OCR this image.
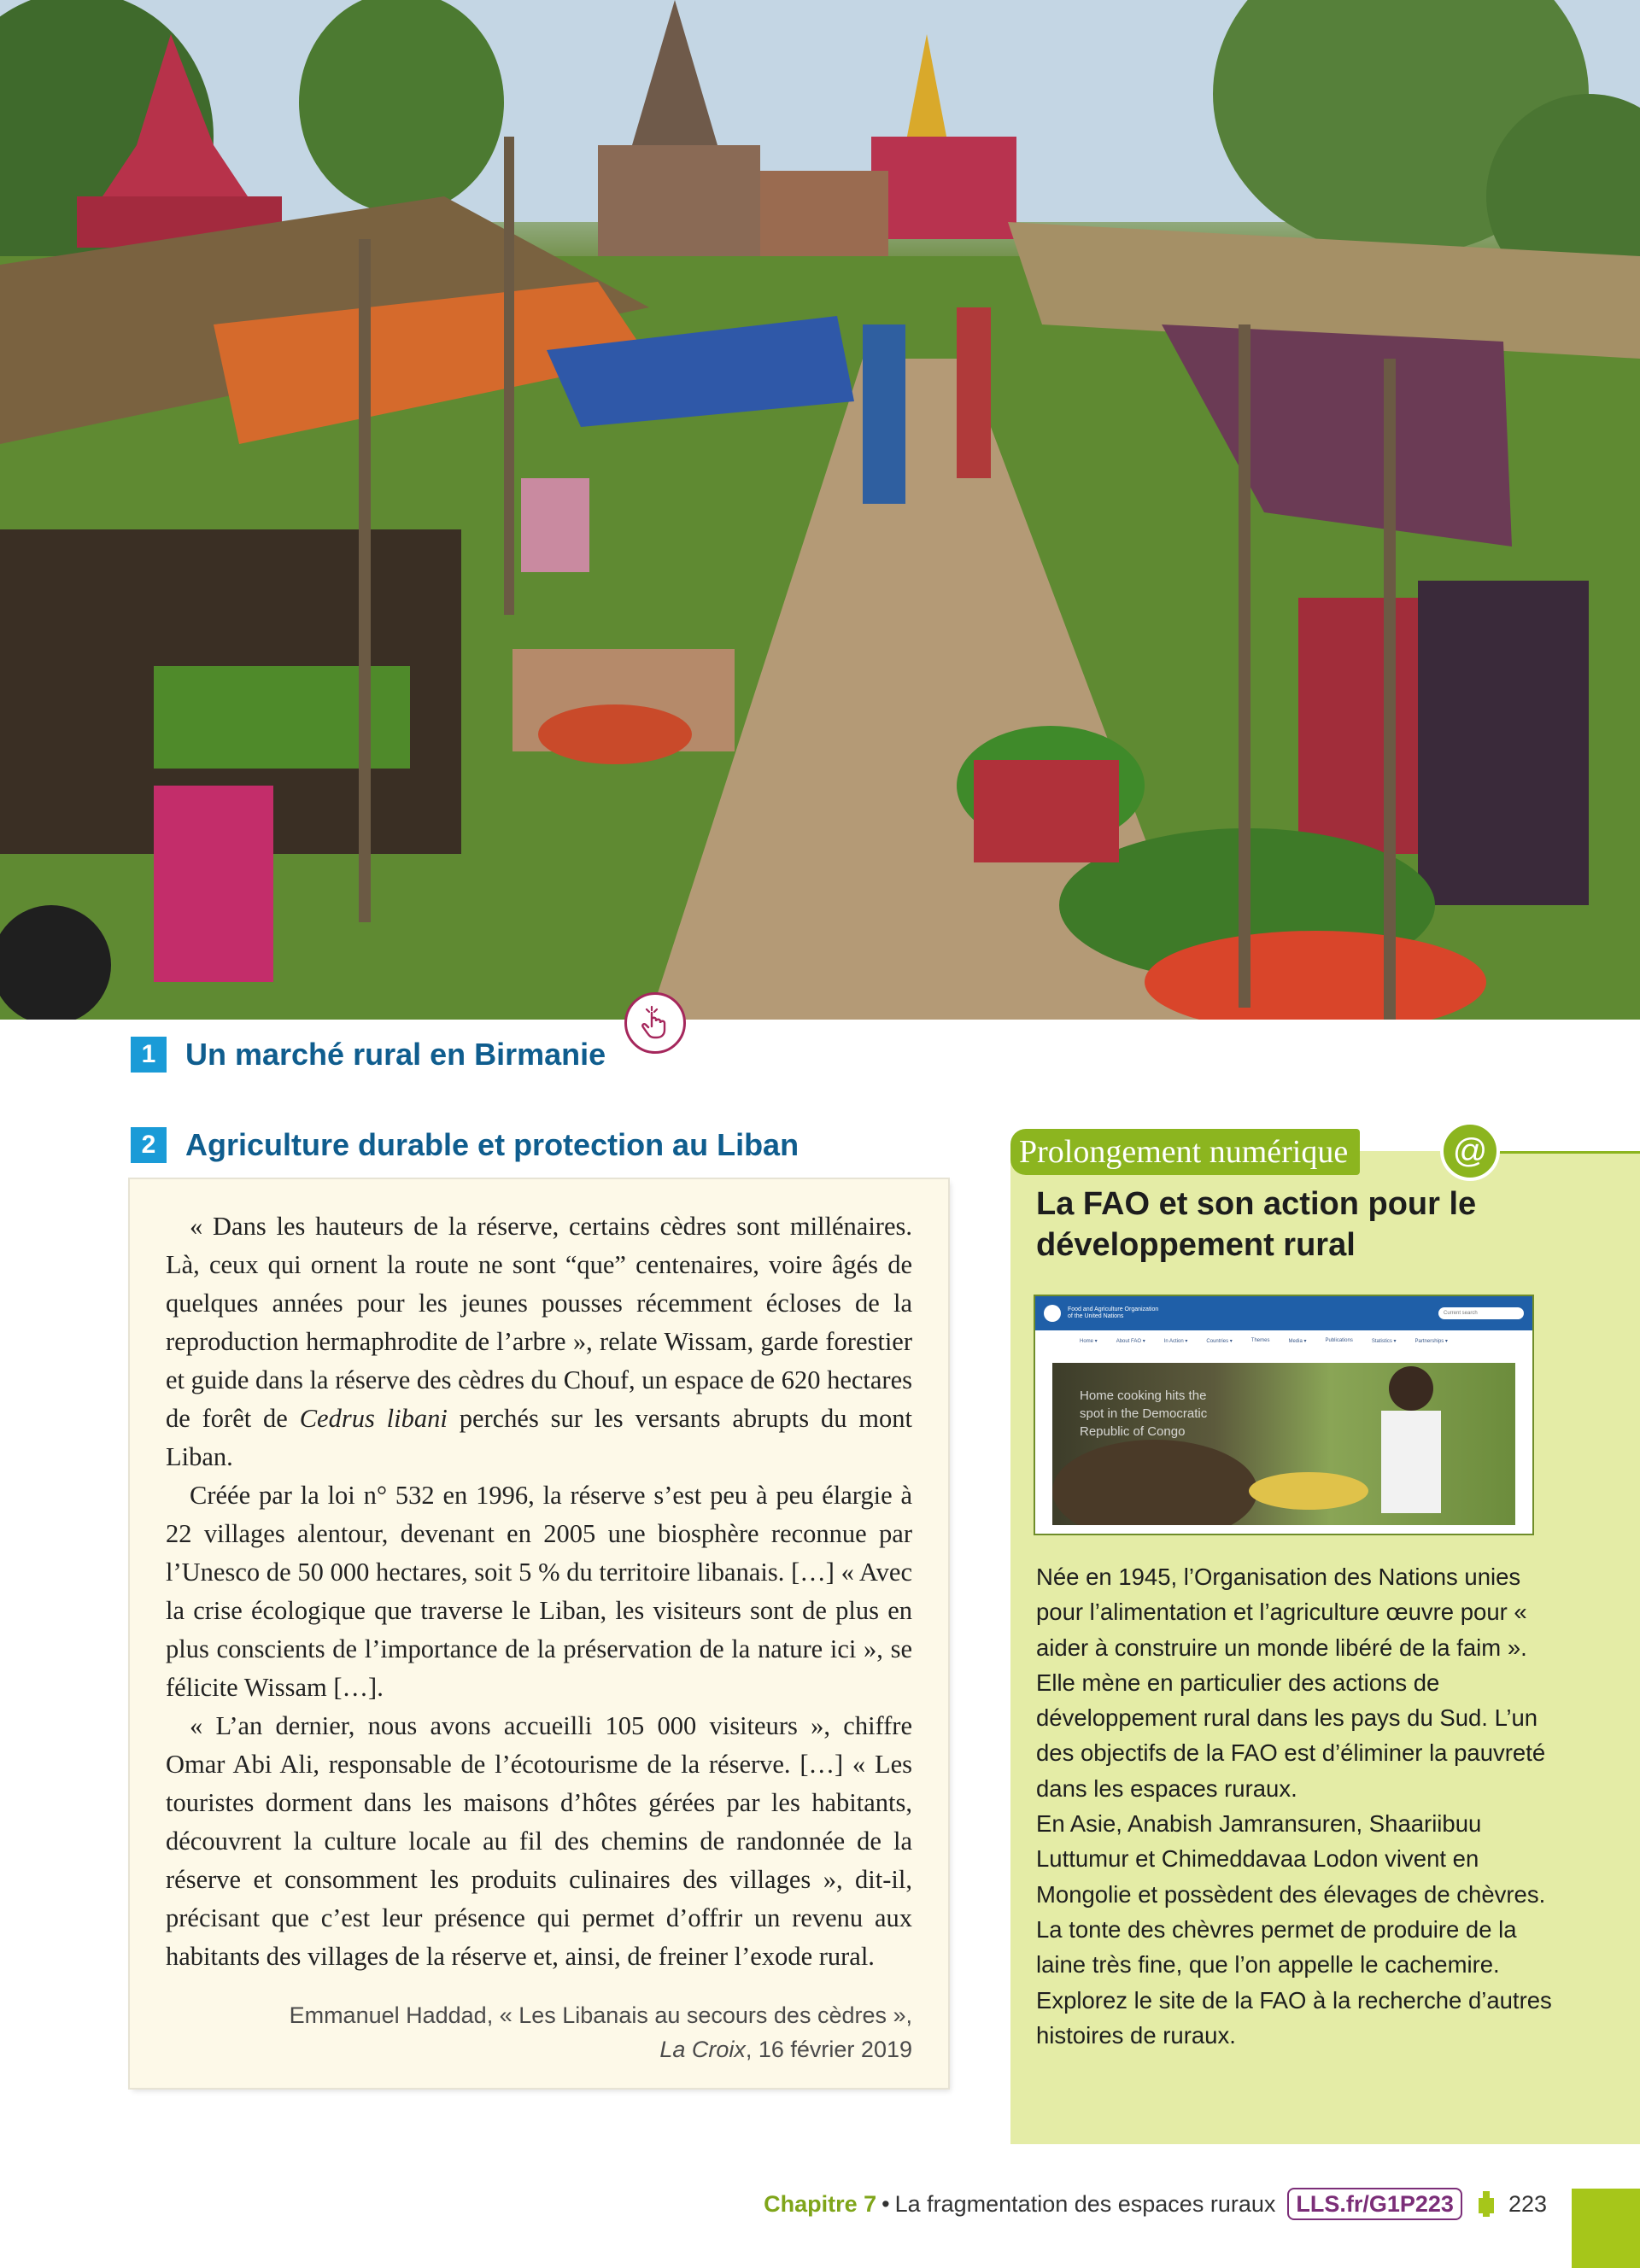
1 Un marché rural en Birmanie
2 Agriculture durable et protection au Liban

« Dans les hauteurs de la réserve, certains cèdres sont millénaires. Là, ceux qui ornent la route ne sont “que” centenaires, voire âgés de quelques années pour les jeunes pousses récemment écloses de la reproduction hermaphrodite de l’arbre », relate Wissam, garde forestier et guide dans la réserve des cèdres du Chouf, un espace de 620 hectares de forêt de Cedrus libani perchés sur les versants abrupts du mont Liban.

Créée par la loi n° 532 en 1996, la réserve s’est peu à peu élargie à 22 villages alentour, devenant en 2005 une biosphère reconnue par l’Unesco de 50 000 hectares, soit 5 % du territoire libanais. […] « Avec la crise écologique que traverse le Liban, les visiteurs sont de plus en plus conscients de l’importance de la préservation de la nature ici », se félicite Wissam […].

« L’an dernier, nous avons accueilli 105 000 visiteurs », chiffre Omar Abi Ali, responsable de l’écotourisme de la réserve. […] « Les touristes dorment dans les maisons d’hôtes gérées par les habitants, découvrent la culture locale au fil des chemins de randonnée de la réserve et consomment les produits culinaires des villages », dit-il, précisant que c’est leur présence qui permet d’offrir un revenu aux habitants des villages de la réserve et, ainsi, de freiner l’exode rural.

Emmanuel Haddad, « Les Libanais au secours des cèdres »,
La Croix, 16 février 2019
Prolongement numérique	@
La FAO et son action pour le développement rural
Food and Agriculture Organization of the United Nations	Current search
Home ▾	About FAO ▾	In Action ▾	Countries ▾	Themes	Media ▾	Publications	Statistics ▾	Partnerships ▾
Home cooking hits the spot in the Democratic Republic of Congo

Née en 1945, l’Organisation des Nations unies pour l’alimentation et l’agriculture œuvre pour « aider à construire un monde libéré de la faim ». Elle mène en particulier des actions de développement rural dans les pays du Sud. L’un des objectifs de la FAO est d’éliminer la pauvreté dans les espaces ruraux.

En Asie, Anabish Jamransuren, Shaariibuu Luttumur et Chimeddavaa Lodon vivent en Mongolie et possèdent des élevages de chèvres. La tonte des chèvres permet de produire de la laine très fine, que l’on appelle le cachemire.

Explorez le site de la FAO à la recherche d’autres histoires de ruraux.

Chapitre 7 • La fragmentation des espaces ruraux LLS.fr/G1P223	223
